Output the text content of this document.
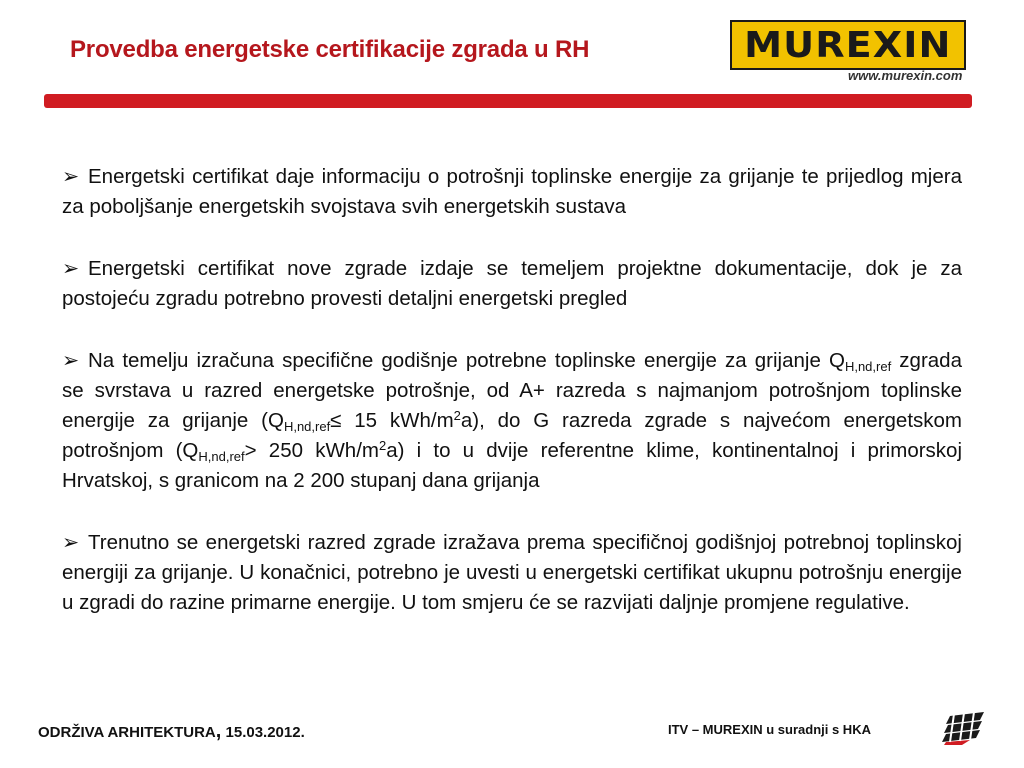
Provedba energetske certifikacije zgrada u RH	MUREXIN
www.murexin.com
➢ Energetski certifikat daje informaciju o potrošnji toplinske energije za grijanje te prijedlog mjera za poboljšanje energetskih svojstava svih energetskih sustava
➢ Energetski certifikat nove zgrade izdaje se temeljem projektne dokumentacije, dok je za postojeću zgradu potrebno provesti detaljni energetski pregled
➢ Na temelju izračuna specifične godišnje potrebne toplinske energije za grijanje $Q_{H,nd,ref}$ zgrada se svrstava u razred energetske potrošnje, od A+ razreda s najmanjom potrošnjom toplinske energije za grijanje ($Q_{H,nd,ref}\le 15$ kWh/$m^2a$), do G razreda zgrade s najvećom energetskom potrošnjom ($Q_{H,nd,ref}> 250$ kWh/$m^2a$) i to u dvije referentne klime, kontinentalnoj i primorskoj Hrvatskoj, s granicom na 2 200 stupanj dana grijanja
➢ Trenutno se energetski razred zgrade izražava prema specifičnoj godišnjoj potrebnoj toplinskoj energiji za grijanje. U konačnici, potrebno je uvesti u energetski certifikat ukupnu potrošnju energije u zgradi do razine primarne energije. U tom smjeru će se razvijati daljnje promjene regulative.
ODRŽIVA ARHITEKTURA, 15.03.2012.	ITV – MUREXIN u suradnji s HKA
